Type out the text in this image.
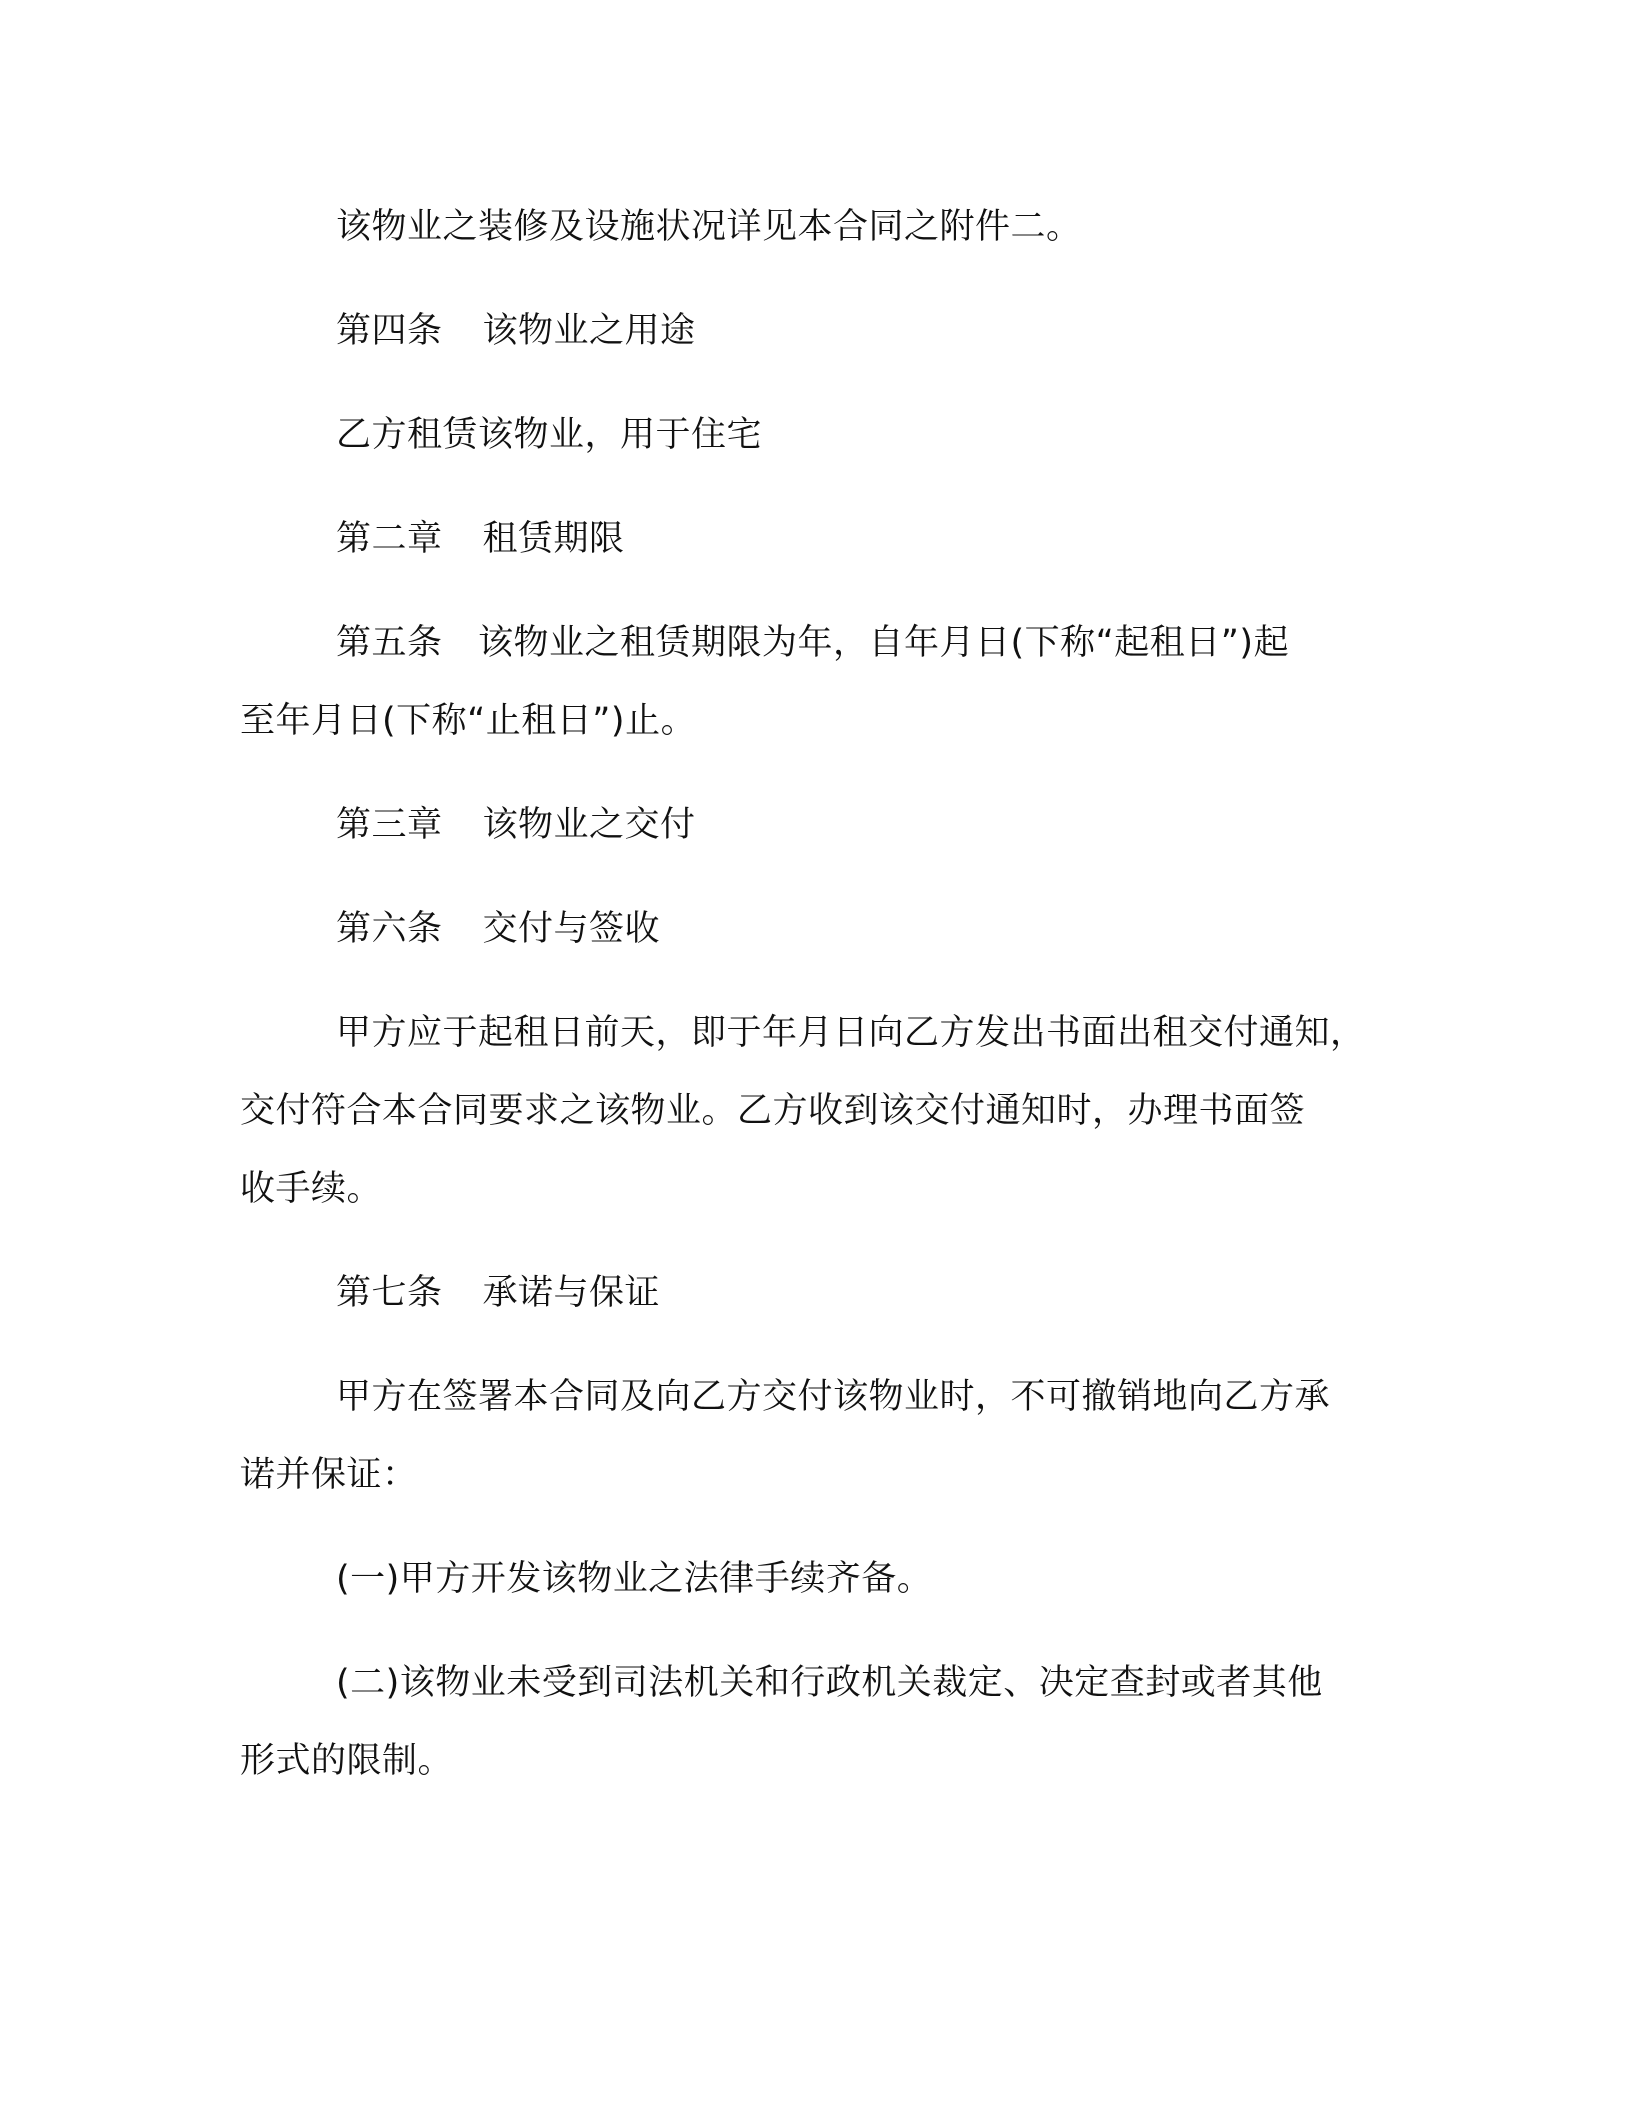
该物业之装修及设施状况详见本合同之附件二。

第四条 该物业之用途

乙方租赁该物业，用于住宅

第二章 租赁期限

第五条　该物业之租赁期限为年，自年月日(下称“起租日”)起
至年月日(下称“止租日”)止。

第三章 该物业之交付

第六条 交付与签收

甲方应于起租日前天，即于年月日向乙方发出书面出租交付通知，
交付符合本合同要求之该物业。乙方收到该交付通知时，办理书面签
收手续。

第七条 承诺与保证

甲方在签署本合同及向乙方交付该物业时，不可撤销地向乙方承
诺并保证：

(一)甲方开发该物业之法律手续齐备。

(二)该物业未受到司法机关和行政机关裁定、决定查封或者其他
形式的限制。
